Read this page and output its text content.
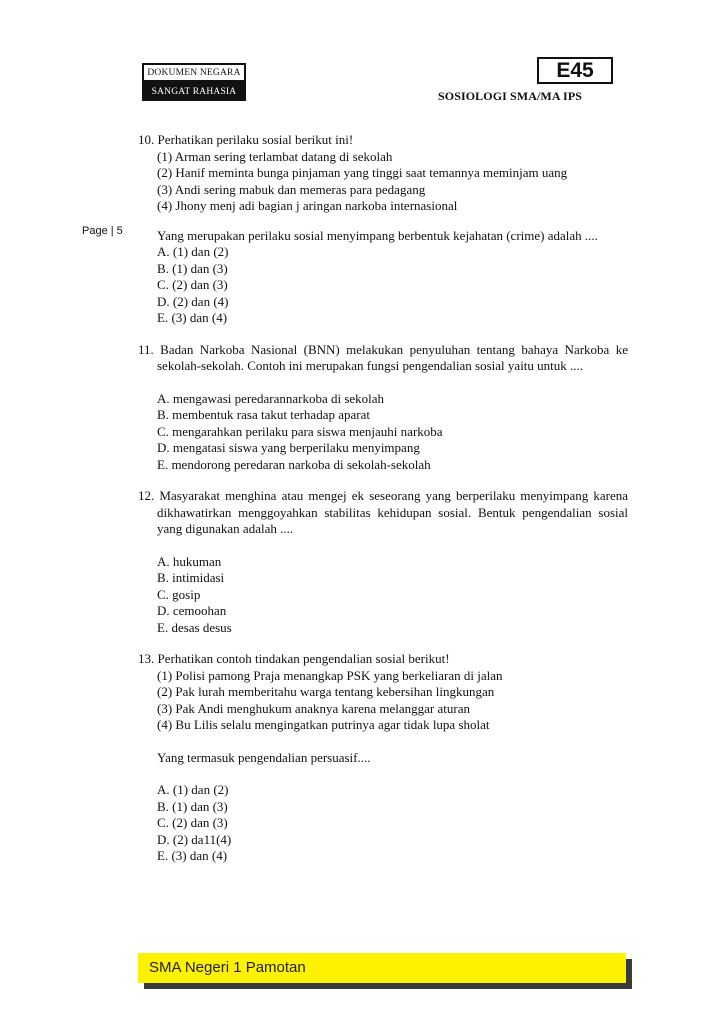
DOKUMEN NEGARA
SANGAT RAHASIA
E45
SOSIOLOGI SMA/MA IPS
Page | 5
10. Perhatikan perilaku sosial berikut ini!
(1) Arman sering terlambat datang di sekolah
(2) Hanif meminta bunga pinjaman yang tinggi saat temannya meminjam uang
(3) Andi sering mabuk dan memeras para pedagang
(4) Jhony menj adi bagian j aringan narkoba internasional
Yang merupakan perilaku sosial menyimpang berbentuk kejahatan (crime) adalah ....
A. (1) dan (2)
B. (1) dan (3)
C. (2) dan (3)
D. (2) dan (4)
E. (3) dan (4)
11. Badan Narkoba Nasional (BNN) melakukan penyuluhan tentang bahaya Narkoba ke sekolah-sekolah. Contoh ini merupakan fungsi pengendalian sosial yaitu untuk ....
A. mengawasi peredarannarkoba di sekolah
B. membentuk rasa takut terhadap aparat
C. mengarahkan perilaku para siswa menjauhi narkoba
D. mengatasi siswa yang berperilaku menyimpang
E. mendorong peredaran narkoba di sekolah-sekolah
12. Masyarakat menghina atau mengej ek seseorang yang berperilaku menyimpang karena dikhawatirkan menggoyahkan stabilitas kehidupan sosial. Bentuk pengendalian sosial yang digunakan adalah ....
A. hukuman
B. intimidasi
C. gosip
D. cemoohan
E. desas desus
13. Perhatikan contoh tindakan pengendalian sosial berikut!
(1) Polisi pamong Praja menangkap PSK yang berkeliaran di jalan
(2) Pak lurah memberitahu warga tentang kebersihan lingkungan
(3) Pak Andi menghukum anaknya karena melanggar aturan
(4) Bu Lilis selalu mengingatkan putrinya agar tidak lupa sholat
Yang termasuk pengendalian persuasif....
A. (1) dan (2)
B. (1) dan (3)
C. (2) dan (3)
D. (2) da11(4)
E. (3) dan (4)
SMA Negeri 1 Pamotan
